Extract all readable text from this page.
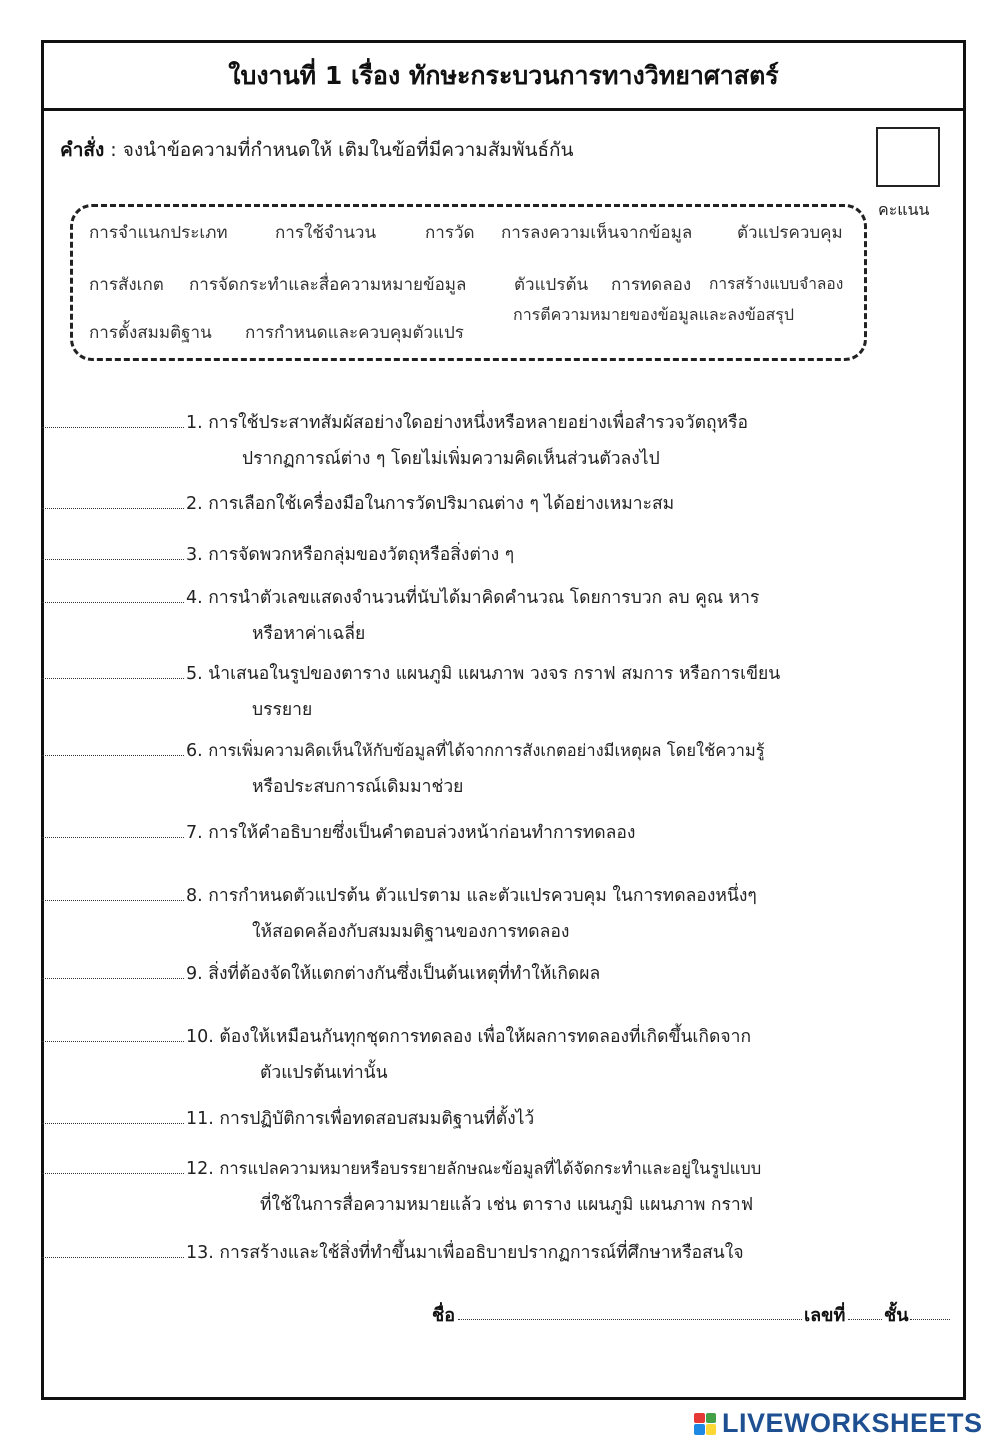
ใบงานที่ 1 เรื่อง ทักษะกระบวนการทางวิทยาศาสตร์
คำสั่ง : จงนำข้อความที่กำหนดให้ เติมในข้อที่มีความสัมพันธ์กัน
คะแนน
การจำแนกประเภท	การใช้จำนวน	การวัด การลงความเห็นจากข้อมูล	ตัวแปรควบคุม
การสังเกต การจัดกระทำและสื่อความหมายข้อมูล	ตัวแปรต้น การทดลอง การสร้างแบบจำลอง
การตั้งสมมติฐาน การกำหนดและควบคุมตัวแปร
การตีความหมายของข้อมูลและลงข้อสรุป
1. การใช้ประสาทสัมผัสอย่างใดอย่างหนึ่งหรือหลายอย่างเพื่อสำรวจวัตถุหรือ
ปรากฏการณ์ต่าง ๆ โดยไม่เพิ่มความคิดเห็นส่วนตัวลงไป
2. การเลือกใช้เครื่องมือในการวัดปริมาณต่าง ๆ ได้อย่างเหมาะสม
3. การจัดพวกหรือกลุ่มของวัตถุหรือสิ่งต่าง ๆ
4. การนำตัวเลขแสดงจำนวนที่นับได้มาคิดคำนวณ โดยการบวก ลบ คูณ หาร
หรือหาค่าเฉลี่ย
5. นำเสนอในรูปของตาราง แผนภูมิ แผนภาพ วงจร กราฟ สมการ หรือการเขียน
บรรยาย
6. การเพิ่มความคิดเห็นให้กับข้อมูลที่ได้จากการสังเกตอย่างมีเหตุผล โดยใช้ความรู้
หรือประสบการณ์เดิมมาช่วย
7. การให้คำอธิบายซึ่งเป็นคำตอบล่วงหน้าก่อนทำการทดลอง
8. การกำหนดตัวแปรต้น ตัวแปรตาม และตัวแปรควบคุม ในการทดลองหนึ่งๆ
ให้สอดคล้องกับสมมมติฐานของการทดลอง
9. สิ่งที่ต้องจัดให้แตกต่างกันซึ่งเป็นต้นเหตุที่ทำให้เกิดผล
10. ต้องให้เหมือนกันทุกชุดการทดลอง เพื่อให้ผลการทดลองที่เกิดขึ้นเกิดจาก
ตัวแปรต้นเท่านั้น
11. การปฏิบัติการเพื่อทดสอบสมมติฐานที่ตั้งไว้
12. การแปลความหมายหรือบรรยายลักษณะข้อมูลที่ได้จัดกระทำและอยู่ในรูปแบบ
ที่ใช้ในการสื่อความหมายแล้ว เช่น ตาราง แผนภูมิ แผนภาพ กราฟ
13. การสร้างและใช้สิ่งที่ทำขึ้นมาเพื่ออธิบายปรากฏการณ์ที่ศึกษาหรือสนใจ
ชื่อ	เลขที่ ชั้น
LIVEWORKSHEETS
